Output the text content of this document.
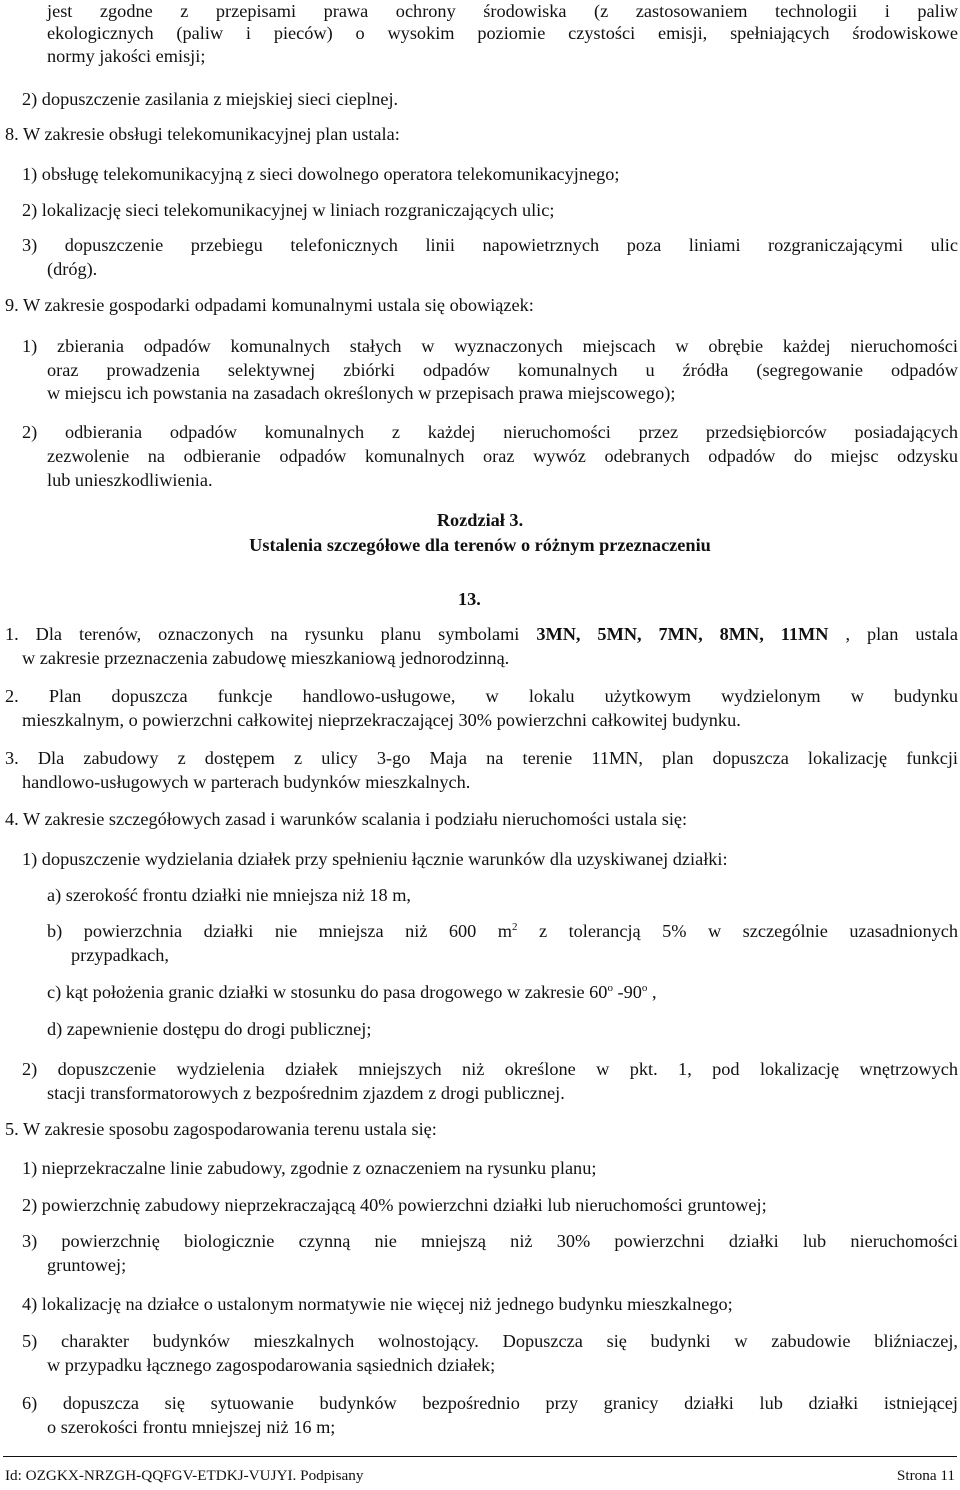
jest zgodne z przepisami prawa ochrony środowiska (z zastosowaniem technologii i paliw
ekologicznych (paliw i pieców) o wysokim poziomie czystości emisji, spełniających środowiskowe
normy jakości emisji;
2) dopuszczenie zasilania z miejskiej sieci cieplnej.
8. W zakresie obsługi telekomunikacyjnej plan ustala:
1) obsługę telekomunikacyjną z sieci dowolnego operatora telekomunikacyjnego;
2) lokalizację sieci telekomunikacyjnej w liniach rozgraniczających ulic;
3) dopuszczenie przebiegu telefonicznych linii napowietrznych poza liniami rozgraniczającymi ulic
(dróg).
9. W zakresie gospodarki odpadami komunalnymi ustala się obowiązek:
1) zbierania odpadów komunalnych stałych w wyznaczonych miejscach w obrębie każdej nieruchomości
oraz prowadzenia selektywnej zbiórki odpadów komunalnych u źródła (segregowanie odpadów
w miejscu ich powstania na zasadach określonych w przepisach prawa miejscowego);
2) odbierania odpadów komunalnych z każdej nieruchomości przez przedsiębiorców posiadających
zezwolenie na odbieranie odpadów komunalnych oraz wywóz odebranych odpadów do miejsc odzysku
lub unieszkodliwienia.
Rozdział 3.
Ustalenia szczegółowe dla terenów o różnym przeznaczeniu
13.
1. Dla terenów, oznaczonych na rysunku planu symbolami 3MN, 5MN, 7MN, 8MN, 11MN , plan ustala
w zakresie przeznaczenia zabudowę mieszkaniową jednorodzinną.
2. Plan dopuszcza funkcje handlowo-usługowe, w lokalu użytkowym wydzielonym w budynku
mieszkalnym, o powierzchni całkowitej nieprzekraczającej 30% powierzchni całkowitej budynku.
3. Dla zabudowy z dostępem z ulicy 3-go Maja na terenie 11MN, plan dopuszcza lokalizację funkcji
handlowo-usługowych w parterach budynków mieszkalnych.
4. W zakresie szczegółowych zasad i warunków scalania i podziału nieruchomości ustala się:
1) dopuszczenie wydzielania działek przy spełnieniu łącznie warunków dla uzyskiwanej działki:
a) szerokość frontu działki nie mniejsza niż 18 m,
b) powierzchnia działki nie mniejsza niż 600 $m^2$ z tolerancją 5% w szczególnie uzasadnionych
przypadkach,
c) kąt położenia granic działki w stosunku do pasa drogowego w zakresie 60$^o$ -90$^o$ ,
d) zapewnienie dostępu do drogi publicznej;
2) dopuszczenie wydzielenia działek mniejszych niż określone w pkt. 1, pod lokalizację wnętrzowych
stacji transformatorowych z bezpośrednim zjazdem z drogi publicznej.
5. W zakresie sposobu zagospodarowania terenu ustala się:
1) nieprzekraczalne linie zabudowy, zgodnie z oznaczeniem na rysunku planu;
2) powierzchnię zabudowy nieprzekraczającą 40% powierzchni działki lub nieruchomości gruntowej;
3) powierzchnię biologicznie czynną nie mniejszą niż 30% powierzchni działki lub nieruchomości
gruntowej;
4) lokalizację na działce o ustalonym normatywie nie więcej niż jednego budynku mieszkalnego;
5) charakter budynków mieszkalnych wolnostojący. Dopuszcza się budynki w zabudowie bliźniaczej,
w przypadku łącznego zagospodarowania sąsiednich działek;
6) dopuszcza się sytuowanie budynków bezpośrednio przy granicy działki lub działki istniejącej
o szerokości frontu mniejszej niż 16 m;
Id: OZGKX-NRZGH-QQFGV-ETDKJ-VUJYI. Podpisany	Strona 11
